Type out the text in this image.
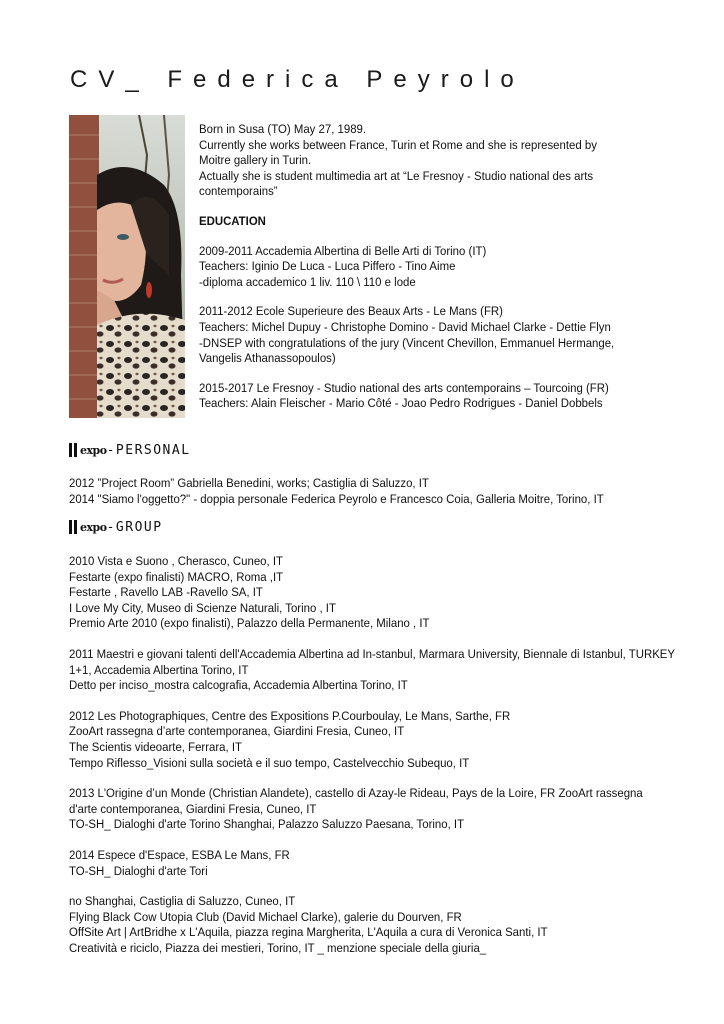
CV_ Federica Peyrolo

Born in Susa (TO) May 27, 1989.
Currently she works between France, Turin et Rome and she is represented by Moitre gallery in Turin.
Actually she is student multimedia art at “Le Fresnoy - Studio national des arts contemporains”

EDUCATION

2009-2011 Accademia Albertina di Belle Arti di Torino (IT)
Teachers: Iginio De Luca - Luca Piffero - Tino Aime
-diploma accademico 1 liv. 110 \ 110 e lode

2011-2012 Ecole Superieure des Beaux Arts - Le Mans (FR)
Teachers: Michel Dupuy - Christophe Domino - David Michael Clarke - Dettie Flyn
-DNSEP with congratulations of the jury (Vincent Chevillon, Emmanuel Hermange, Vangelis Athanassopoulos)

2015-2017 Le Fresnoy - Studio national des arts contemporains – Tourcoing (FR)
Teachers: Alain Fleischer - Mario Côté - Joao Pedro Rodrigues - Daniel Dobbels

expo -PERSONAL
2012 ”Project Room” Gabriella Benedini, works; Castiglia di Saluzzo, IT
2014 "Siamo l'oggetto?" - doppia personale Federica Peyrolo e Francesco Coia, Galleria Moitre, Torino, IT
expo -GROUP
2010 Vista e Suono , Cherasco, Cuneo, IT
Festarte (expo finalisti) MACRO, Roma ,IT
Festarte , Ravello LAB -Ravello SA, IT
I Love My City, Museo di Scienze Naturali, Torino , IT
Premio Arte 2010 (expo finalisti), Palazzo della Permanente, Milano , IT
2011 Maestri e giovani talenti dell'Accademia Albertina ad In-stanbul, Marmara University, Biennale di Istanbul, TURKEY
1+1, Accademia Albertina Torino, IT
Detto per inciso_mostra calcografia, Accademia Albertina Torino, IT
2012 Les Photographiques, Centre des Expositions P.Courboulay, Le Mans, Sarthe, FR
ZooArt rassegna d’arte contemporanea, Giardini Fresia, Cuneo, IT
The Scientis videoarte, Ferrara, IT
Tempo Riflesso_Visioni sulla società e il suo tempo, Castelvecchio Subequo, IT
2013 L'Origine d’un Monde (Christian Alandete), castello di Azay-le Rideau, Pays de la Loire, FR ZooArt rassegna d'arte contemporanea, Giardini Fresia, Cuneo, IT
TO-SH_ Dialoghi d'arte Torino Shanghai, Palazzo Saluzzo Paesana, Torino, IT
2014 Espece d'Espace, ESBA Le Mans, FR
TO-SH_ Dialoghi d'arte Tori
no Shanghai, Castiglia di Saluzzo, Cuneo, IT
Flying Black Cow Utopia Club (David Michael Clarke), galerie du Dourven, FR
OffSite Art | ArtBridhe x L'Aquila, piazza regina Margherita, L'Aquila a cura di Veronica Santi, IT
Creatività e riciclo, Piazza dei mestieri, Torino, IT _ menzione speciale della giuria_
